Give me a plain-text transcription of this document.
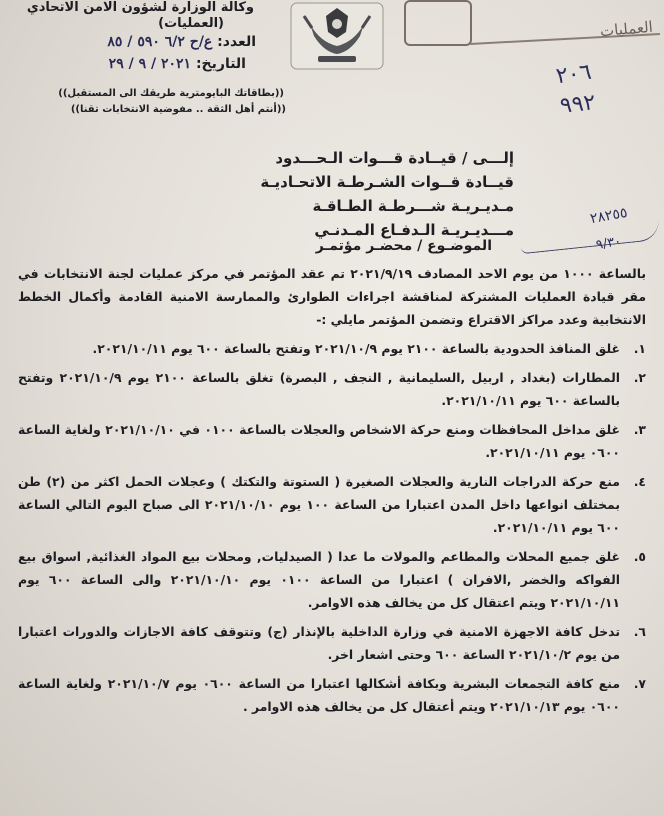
وكالة الوزارة لشؤون الامن الاتحادي
(العمليات)
العدد: ع/ح ٦/٢ ٥٩٠ / ٨٥
التاريخ: ٢٠٢١ / ٩ / ٢٩
العمليات
٢٠٦
٩٩٢
((بطاقاتك البايومترية طريقك الى المستقبل))
((أنتم أهل الثقة .. مفوضية الانتخابات تقنا))
إلـــى / قيــادة قـــوات الـحـــدود
قيــادة قــوات الشـرطـة الاتحـاديـة
مـديـريـة شـــرطـة الطـاقـة
مـــديـريـة الـدفـاع المـدنـي
٢٨٢٥٥
٩/٣٠
الموضـوع / محضـر مؤتمـر

بالساعة ١٠٠٠ من يوم الاحد المصادف ٢٠٢١/٩/١٩ تم عقد المؤتمر في مركز عمليات لجنة الانتخابات في مقر قيادة العمليات المشتركة لمناقشة اجراءات الطوارئ والممارسة الامنية القادمة وأكمال الخطط الانتخابية وعدد مراكز الاقتراع وتضمن المؤتمر مايلي :-

١.
غلق المنافذ الحدودية بالساعة ٢١٠٠ يوم ٢٠٢١/١٠/٩ وتفتح بالساعة ٦٠٠ يوم ٢٠٢١/١٠/١١.
٢.
المطارات (بغداد , اربيل ,السليمانية , النجف , البصرة) تغلق بالساعة ٢١٠٠ يوم ٢٠٢١/١٠/٩ وتفتح بالساعة ٦٠٠ يوم ٢٠٢١/١٠/١١.
٣.
غلق مداخل المحافظات ومنع حركة الاشخاص والعجلات بالساعة ٠١٠٠ في ٢٠٢١/١٠/١٠ ولغاية الساعة ٠٦٠٠ يوم ٢٠٢١/١٠/١١.
٤.
منع حركة الدراجات النارية والعجلات الصغيرة ( الستوتة والتكتك ) وعجلات الحمل اكثر من (٢) طن بمختلف انواعها داخل المدن اعتبارا من الساعة ١٠٠ يوم ٢٠٢١/١٠/١٠ الى صباح اليوم التالي الساعة ٦٠٠ يوم ٢٠٢١/١٠/١١.
٥.
غلق جميع المحلات والمطاعم والمولات ما عدا ( الصيدليات, ومحلات بيع المواد الغذائية, اسواق بيع الفواكه والخضر ,الافران ) اعتبارا من الساعة ٠١٠٠ يوم ٢٠٢١/١٠/١٠ والى الساعة ٦٠٠ يوم ٢٠٢١/١٠/١١ ويتم اعتقال كل من يخالف هذه الاوامر.
٦.
تدخل كافة الاجهزة الامنية في وزارة الداخلية بالإنذار (ج) وتتوقف كافة الاجازات والدورات اعتبارا من يوم ٢٠٢١/١٠/٢ الساعة ٦٠٠ وحتى اشعار اخر.
٧.
منع كافة التجمعات البشرية وبكافة أشكالها اعتبارا من الساعة ٠٦٠٠ يوم ٢٠٢١/١٠/٧ ولغاية الساعة ٠٦٠٠ يوم ٢٠٢١/١٠/١٣ ويتم أعتقال كل من يخالف هذه الاوامر .
